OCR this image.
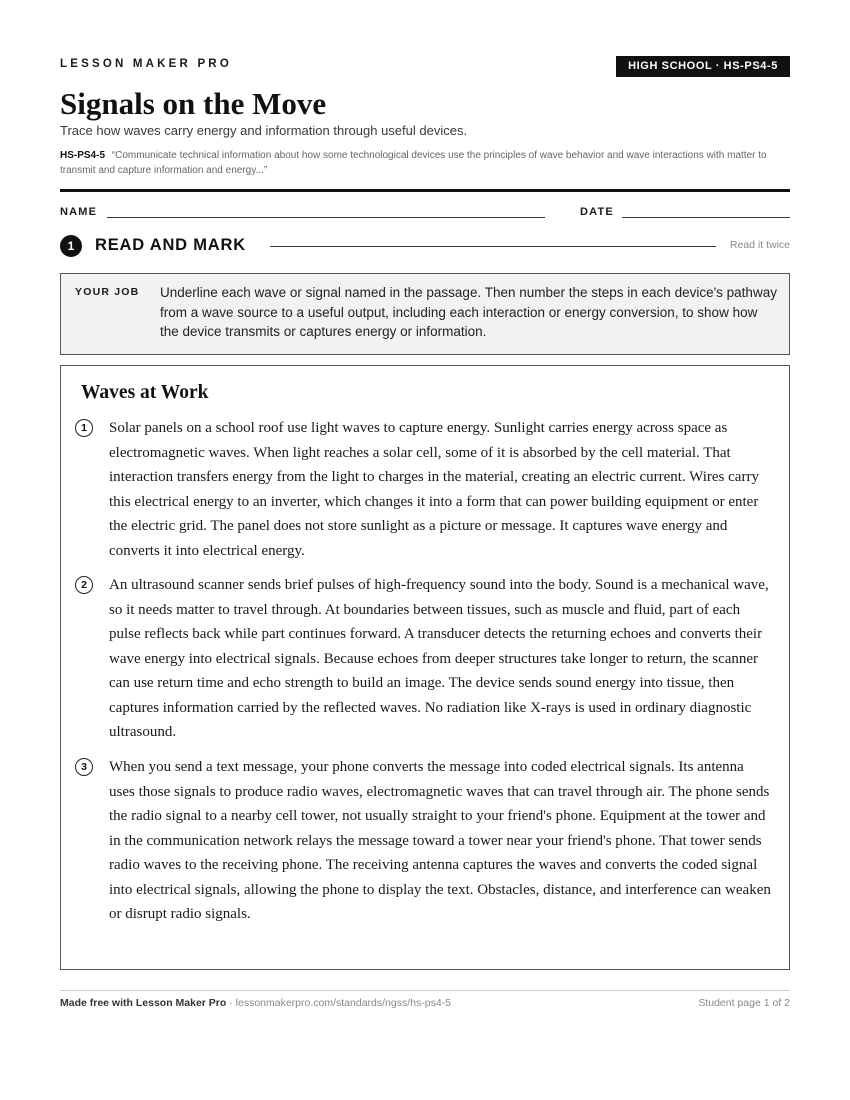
LESSON MAKER PRO	HIGH SCHOOL · HS-PS4-5
Signals on the Move
Trace how waves carry energy and information through useful devices.
HS-PS4-5 “Communicate technical information about how some technological devices use the principles of wave behavior and wave interactions with matter to transmit and capture information and energy...”
NAME	DATE
1	READ AND MARK	Read it twice
YOUR JOB Underline each wave or signal named in the passage. Then number the steps in each device's pathway from a wave source to a useful output, including each interaction or energy conversion, to show how the device transmits or captures energy or information.
Waves at Work
1	Solar panels on a school roof use light waves to capture energy. Sunlight carries energy across space as electromagnetic waves. When light reaches a solar cell, some of it is absorbed by the cell material. That interaction transfers energy from the light to charges in the material, creating an electric current. Wires carry this electrical energy to an inverter, which changes it into a form that can power building equipment or enter the electric grid. The panel does not store sunlight as a picture or message. It captures wave energy and converts it into electrical energy.
2	An ultrasound scanner sends brief pulses of high-frequency sound into the body. Sound is a mechanical wave, so it needs matter to travel through. At boundaries between tissues, such as muscle and fluid, part of each pulse reflects back while part continues forward. A transducer detects the returning echoes and converts their wave energy into electrical signals. Because echoes from deeper structures take longer to return, the scanner can use return time and echo strength to build an image. The device sends sound energy into tissue, then captures information carried by the reflected waves. No radiation like X-rays is used in ordinary diagnostic ultrasound.
3	When you send a text message, your phone converts the message into coded electrical signals. Its antenna uses those signals to produce radio waves, electromagnetic waves that can travel through air. The phone sends the radio signal to a nearby cell tower, not usually straight to your friend's phone. Equipment at the tower and in the communication network relays the message toward a tower near your friend's phone. That tower sends radio waves to the receiving phone. The receiving antenna captures the waves and converts the coded signal into electrical signals, allowing the phone to display the text. Obstacles, distance, and interference can weaken or disrupt radio signals.
Made free with Lesson Maker Pro · lessonmakerpro.com/standards/ngss/hs-ps4-5	Student page 1 of 2
